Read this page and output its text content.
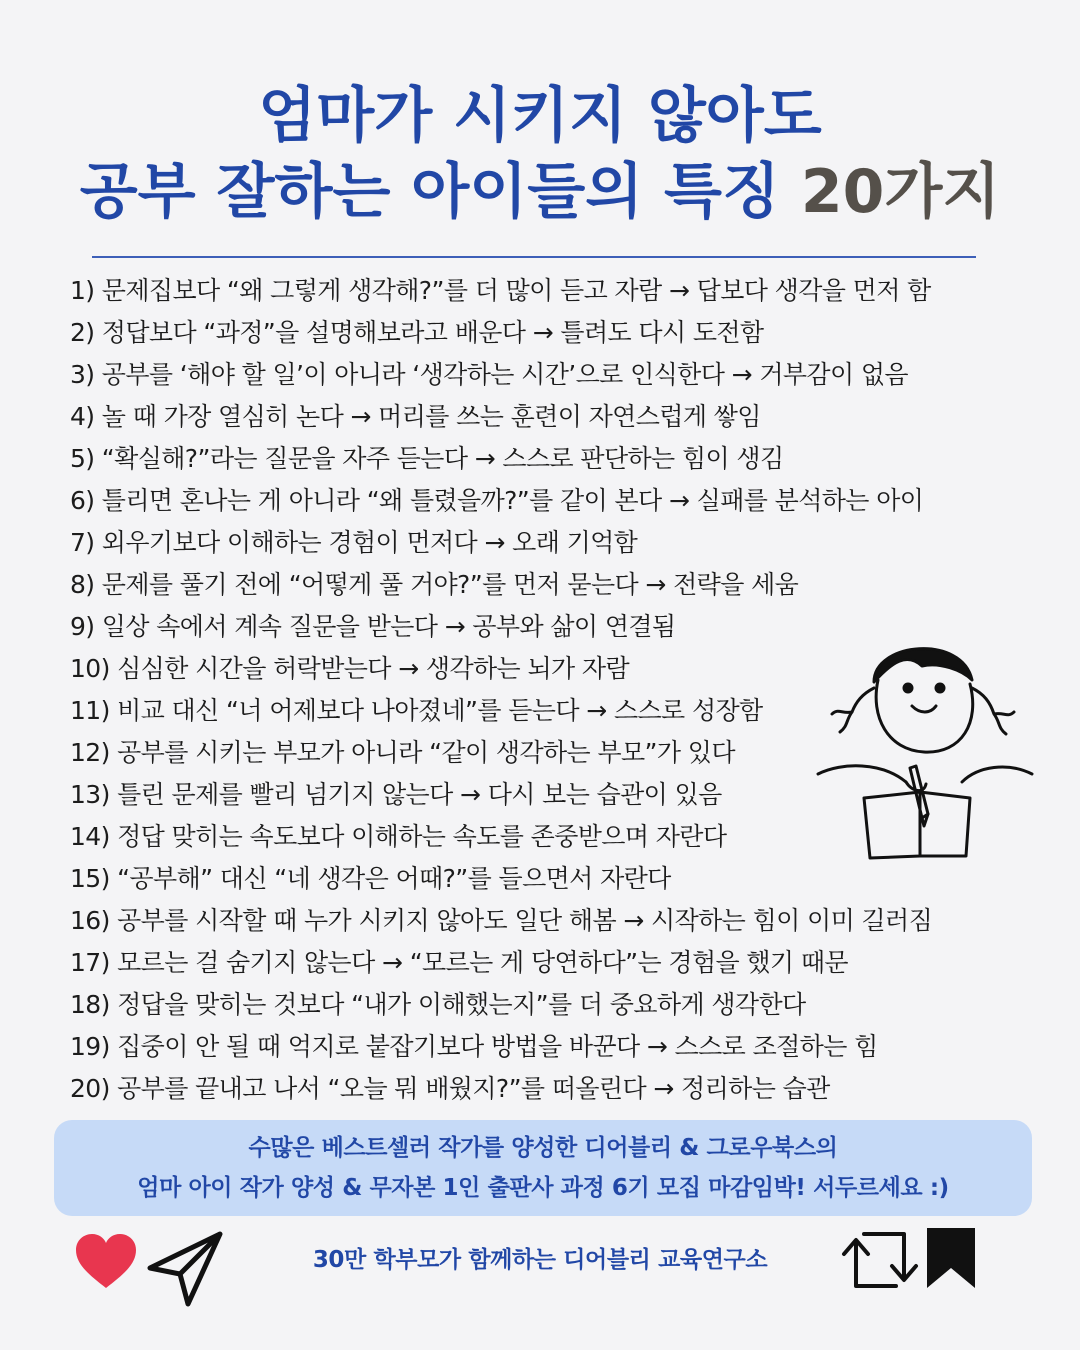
엄마가 시키지 않아도
공부 잘하는 아이들의 특징 20가지
1) 문제집보다 “왜 그렇게 생각해?”를 더 많이 듣고 자람 → 답보다 생각을 먼저 함
2) 정답보다 “과정”을 설명해보라고 배운다 → 틀려도 다시 도전함
3) 공부를 ‘해야 할 일’이 아니라 ‘생각하는 시간’으로 인식한다 → 거부감이 없음
4) 놀 때 가장 열심히 논다 → 머리를 쓰는 훈련이 자연스럽게 쌓임
5) “확실해?”라는 질문을 자주 듣는다 → 스스로 판단하는 힘이 생김
6) 틀리면 혼나는 게 아니라 “왜 틀렸을까?”를 같이 본다 → 실패를 분석하는 아이
7) 외우기보다 이해하는 경험이 먼저다 → 오래 기억함
8) 문제를 풀기 전에 “어떻게 풀 거야?”를 먼저 묻는다 → 전략을 세움
9) 일상 속에서 계속 질문을 받는다 → 공부와 삶이 연결됨
10) 심심한 시간을 허락받는다 → 생각하는 뇌가 자람
11) 비교 대신 “너 어제보다 나아졌네”를 듣는다 → 스스로 성장함
12) 공부를 시키는 부모가 아니라 “같이 생각하는 부모”가 있다
13) 틀린 문제를 빨리 넘기지 않는다 → 다시 보는 습관이 있음
14) 정답 맞히는 속도보다 이해하는 속도를 존중받으며 자란다
15) “공부해” 대신 “네 생각은 어때?”를 들으면서 자란다
16) 공부를 시작할 때 누가 시키지 않아도 일단 해봄 → 시작하는 힘이 이미 길러짐
17) 모르는 걸 숨기지 않는다 → “모르는 게 당연하다”는 경험을 했기 때문
18) 정답을 맞히는 것보다 “내가 이해했는지”를 더 중요하게 생각한다
19) 집중이 안 될 때 억지로 붙잡기보다 방법을 바꾼다 → 스스로 조절하는 힘
20) 공부를 끝내고 나서 “오늘 뭐 배웠지?”를 떠올린다 → 정리하는 습관
수많은 베스트셀러 작가를 양성한 디어블리 & 그로우북스의
엄마 아이 작가 양성 & 무자본 1인 출판사 과정 6기 모집 마감임박! 서두르세요 :)
30만 학부모가 함께하는 디어블리 교육연구소
